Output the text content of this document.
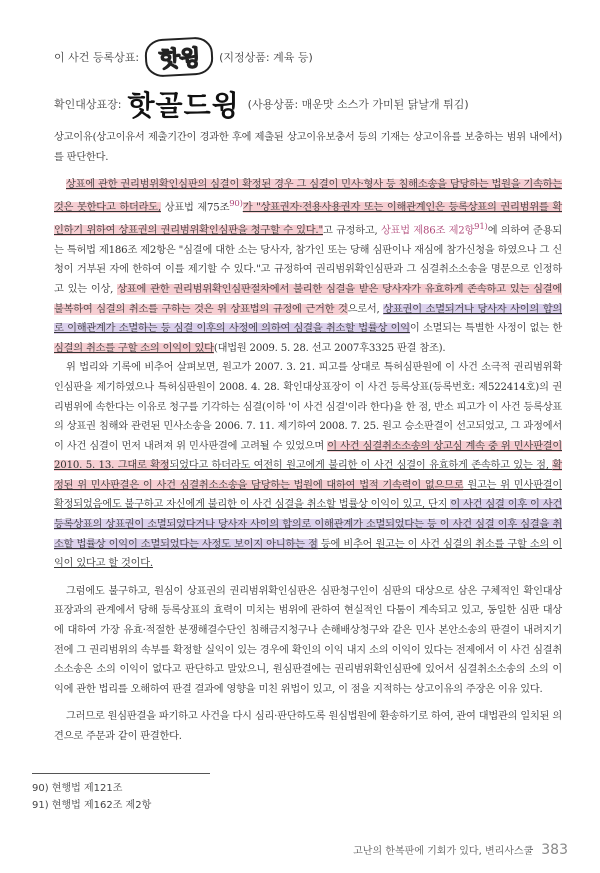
이 사건 등록상표: 핫윙	(지정상품: 계육 등)
확인대상표장: 핫골드윙 (사용상품: 매운맛 소스가 가미된 닭날개 튀김)

상고이유(상고이유서 제출기간이 경과한 후에 제출된 상고이유보충서 등의 기재는 상고이유를 보충하는 범위 내에서)를 판단한다.

상표에 관한 권리범위확인심판의 심결이 확정된 경우 그 심결이 민사·형사 등 침해소송을 담당하는 법원을 기속하는 것은 못한다고 하더라도, 상표법 제75조$^{90)}$가 "상표권자·전용사용권자 또는 이해관계인은 등록상표의 권리범위를 확인하기 위하여 상표권의 권리범위확인심판을 청구할 수 있다."고 규정하고, 상표법 제86조 제2항$^{91)}$에 의하여 준용되는 특허법 제186조 제2항은 "심결에 대한 소는 당사자, 참가인 또는 당해 심판이나 재심에 참가신청을 하였으나 그 신청이 거부된 자에 한하여 이를 제기할 수 있다."고 규정하여 권리범위확인심판과 그 심결취소소송을 명문으로 인정하고 있는 이상, 상표에 관한 권리범위확인심판절차에서 불리한 심결을 받은 당사자가 유효하게 존속하고 있는 심결에 불복하여 심결의 취소를 구하는 것은 위 상표법의 규정에 근거한 것으로서, 상표권이 소멸되거나 당사자 사이의 합의로 이해관계가 소멸하는 등 심결 이후의 사정에 의하여 심결을 취소할 법률상 이익이 소멸되는 특별한 사정이 없는 한 심결의 취소를 구할 소의 이익이 있다(대법원 2009. 5. 28. 선고 2007후3325 판결 참조).

위 법리와 기록에 비추어 살펴보면, 원고가 2007. 3. 21. 피고를 상대로 특허심판원에 이 사건 소극적 권리범위확인심판을 제기하였으나 특허심판원이 2008. 4. 28. 확인대상표장이 이 사건 등록상표(등록번호: 제522414호)의 권리범위에 속한다는 이유로 청구를 기각하는 심결(이하 '이 사건 심결'이라 한다)을 한 점, 반소 피고가 이 사건 등록상표의 상표권 침해와 관련된 민사소송을 2006. 7. 11. 제기하여 2008. 7. 25. 원고 승소판결이 선고되었고, 그 과정에서 이 사건 심결이 먼저 내려져 위 민사판결에 고려될 수 있었으며 이 사건 심결취소소송의 상고심 계속 중 위 민사판결이 2010. 5. 13. 그대로 확정되었다고 하더라도 여전히 원고에게 불리한 이 사건 심결이 유효하게 존속하고 있는 점, 확정된 위 민사판결은 이 사건 심결취소소송을 담당하는 법원에 대하여 법적 기속력이 없으므로 원고는 위 민사판결이 확정되었음에도 불구하고 자신에게 불리한 이 사건 심결을 취소할 법률상 이익이 있고, 단지 이 사건 심결 이후 이 사건 등록상표의 상표권이 소멸되었다거나 당사자 사이의 합의로 이해관계가 소멸되었다는 등 이 사건 심결 이후 심결을 취소할 법률상 이익이 소멸되었다는 사정도 보이지 아니하는 점 등에 비추어 원고는 이 사건 심결의 취소를 구할 소의 이익이 있다고 할 것이다.

그럼에도 불구하고, 원심이 상표권의 권리범위확인심판은 심판청구인이 심판의 대상으로 삼은 구체적인 확인대상표장과의 관계에서 당해 등록상표의 효력이 미치는 범위에 관하여 현실적인 다툼이 계속되고 있고, 동일한 심판 대상에 대하여 가장 유효·적절한 분쟁해결수단인 침해금지청구나 손해배상청구와 같은 민사 본안소송의 판결이 내려지기 전에 그 권리범위의 속부를 확정할 실익이 있는 경우에 확인의 이익 내지 소의 이익이 있다는 전제에서 이 사건 심결취소소송은 소의 이익이 없다고 판단하고 말았으니, 원심판결에는 권리범위확인심판에 있어서 심결취소소송의 소의 이익에 관한 법리를 오해하여 판결 결과에 영향을 미친 위법이 있고, 이 점을 지적하는 상고이유의 주장은 이유 있다.

그러므로 원심판결을 파기하고 사건을 다시 심리·판단하도록 원심법원에 환송하기로 하여, 관여 대법관의 일치된 의견으로 주문과 같이 판결한다.

90) 현행법 제121조
91) 현행법 제162조 제2항
고난의 한복판에 기회가 있다, 변리사스쿨 383
